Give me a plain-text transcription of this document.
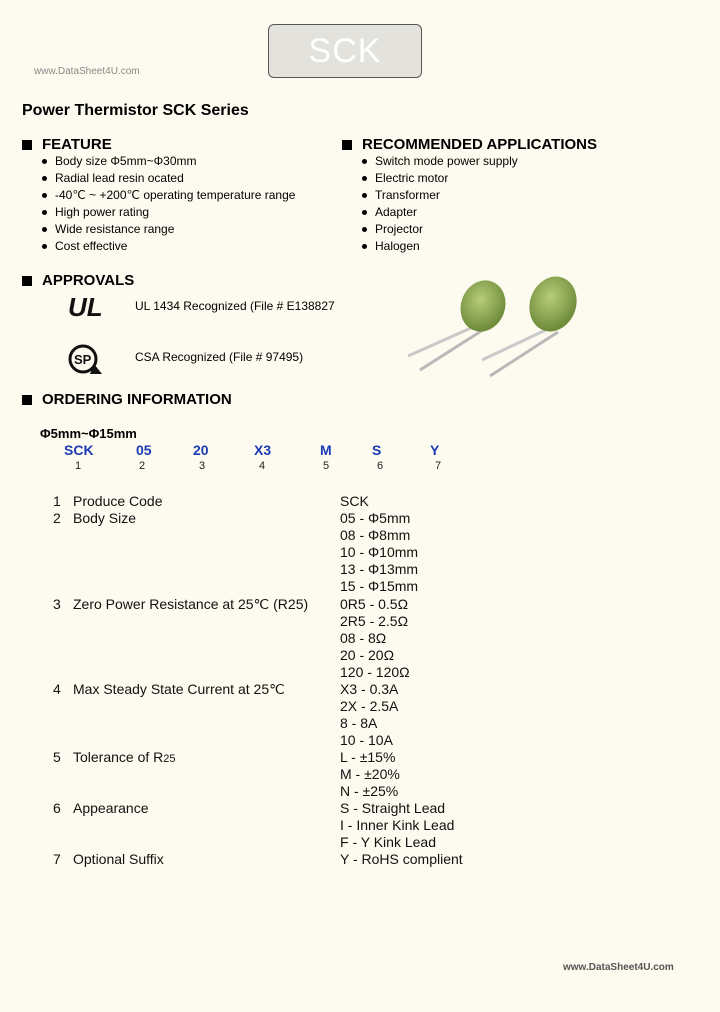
SCK
www.DataSheet4U.com
Power Thermistor SCK Series
FEATURE
Body size Φ5mm~Φ30mm
Radial lead resin ocated
-40℃ ~ +200℃ operating temperature range
High power rating
Wide resistance range
Cost effective
RECOMMENDED APPLICATIONS
Switch mode power supply
Electric motor
Transformer
Adapter
Projector
Halogen
APPROVALS
UL	UL 1434 Recognized (File # E138827
SP	CSA Recognized (File # 97495)
ORDERING INFORMATION
Φ5mm~Φ15mm
SCK	05	20	X3	M	S	Y
1	2	3	4	5	6	7
1 Produce Code	SCK
2 Body Size	05 - Φ5mm
08 - Φ8mm
10 - Φ10mm
13 - Φ13mm
15 - Φ15mm
3 Zero Power Resistance at 25℃ (R25) 0R5 - 0.5Ω
2R5 - 2.5Ω
08 - 8Ω
20 - 20Ω
120 - 120Ω
4 Max Steady State Current at 25℃	X3 - 0.3A
2X - 2.5A
8 - 8A
10 - 10A
5 Tolerance of R25	L - ±15%
M - ±20%
N - ±25%
6 Appearance	S - Straight Lead
I - Inner Kink Lead
F - Y Kink Lead
7 Optional Suffix	Y - RoHS complient
www.DataSheet4U.com
